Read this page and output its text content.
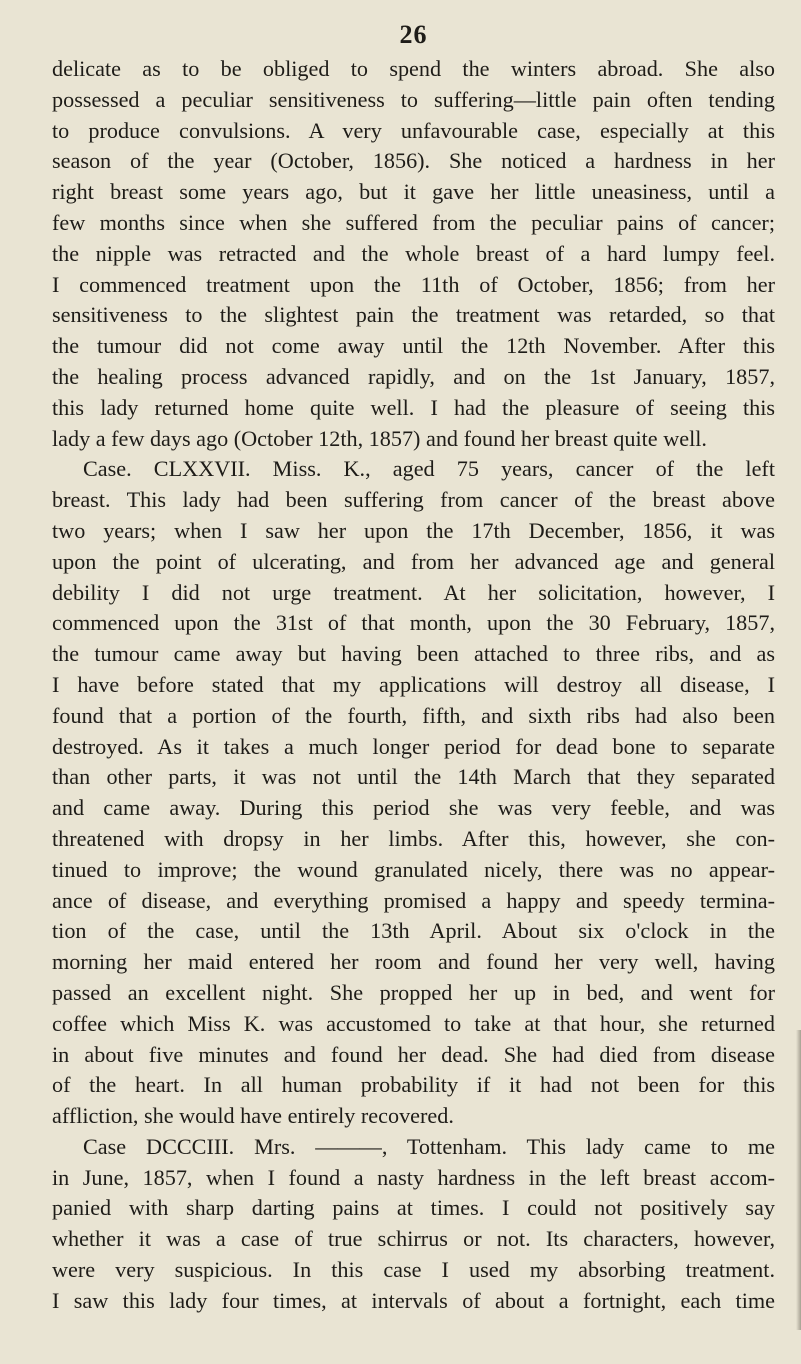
26
delicate as to be obliged to spend the winters abroad. She also
possessed a peculiar sensitiveness to suffering—little pain often tending
to produce convulsions. A very unfavourable case, especially at this
season of the year (October, 1856). She noticed a hardness in her
right breast some years ago, but it gave her little uneasiness, until a
few months since when she suffered from the peculiar pains of cancer;
the nipple was retracted and the whole breast of a hard lumpy feel.
I commenced treatment upon the 11th of October, 1856; from her
sensitiveness to the slightest pain the treatment was retarded, so that
the tumour did not come away until the 12th November. After this
the healing process advanced rapidly, and on the 1st January, 1857,
this lady returned home quite well. I had the pleasure of seeing this
lady a few days ago (October 12th, 1857) and found her breast quite well.
Case. CLXXVII. Miss. K., aged 75 years, cancer of the left
breast. This lady had been suffering from cancer of the breast above
two years; when I saw her upon the 17th December, 1856, it was
upon the point of ulcerating, and from her advanced age and general
debility I did not urge treatment. At her solicitation, however, I
commenced upon the 31st of that month, upon the 30 February, 1857,
the tumour came away but having been attached to three ribs, and as
I have before stated that my applications will destroy all disease, I
found that a portion of the fourth, fifth, and sixth ribs had also been
destroyed. As it takes a much longer period for dead bone to separate
than other parts, it was not until the 14th March that they separated
and came away. During this period she was very feeble, and was
threatened with dropsy in her limbs. After this, however, she con-
tinued to improve; the wound granulated nicely, there was no appear-
ance of disease, and everything promised a happy and speedy termina-
tion of the case, until the 13th April. About six o'clock in the
morning her maid entered her room and found her very well, having
passed an excellent night. She propped her up in bed, and went for
coffee which Miss K. was accustomed to take at that hour, she returned
in about five minutes and found her dead. She had died from disease
of the heart. In all human probability if it had not been for this
affliction, she would have entirely recovered.
Case DCCCIII. Mrs. ———, Tottenham. This lady came to me
in June, 1857, when I found a nasty hardness in the left breast accom-
panied with sharp darting pains at times. I could not positively say
whether it was a case of true schirrus or not. Its characters, however,
were very suspicious. In this case I used my absorbing treatment.
I saw this lady four times, at intervals of about a fortnight, each time
